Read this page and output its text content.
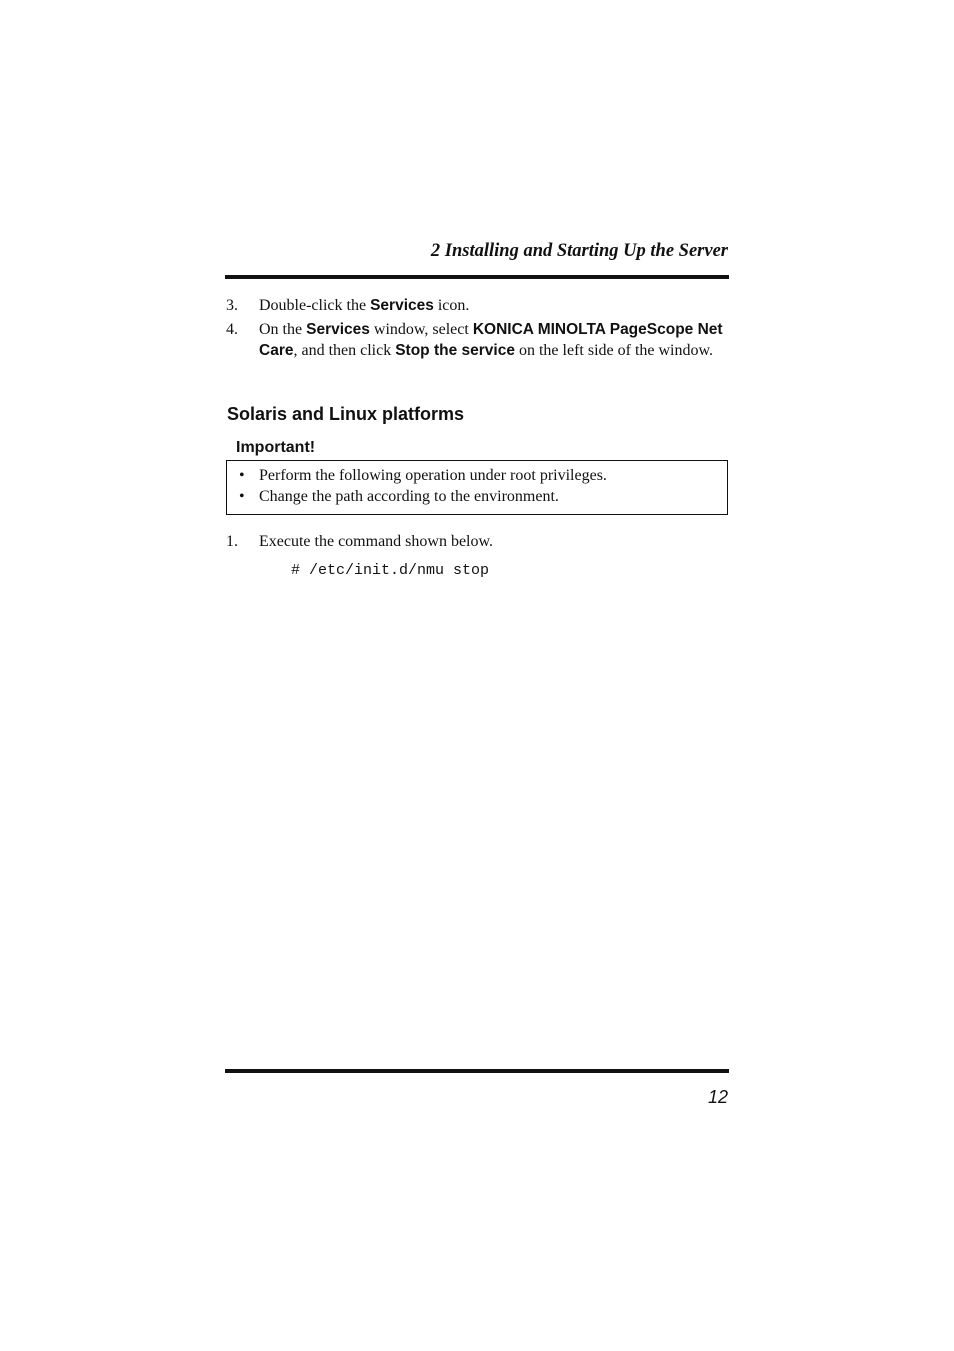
2 Installing and Starting Up the Server
3.	Double-click the Services icon.
4.	On the Services window, select KONICA MINOLTA PageScope Net Care, and then click Stop the service on the left side of the window.
Solaris and Linux platforms
Important!
• Perform the following operation under root privileges.
• Change the path according to the environment.
1.	Execute the command shown below.
# /etc/init.d/nmu stop
12
